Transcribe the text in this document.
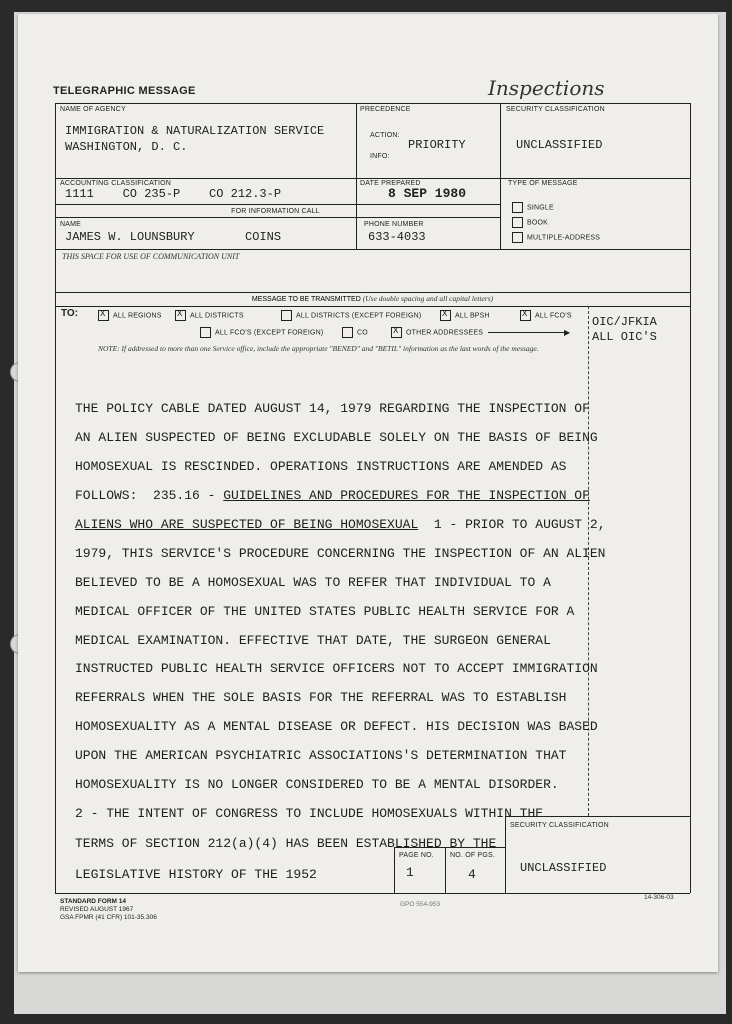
TELEGRAPHIC MESSAGE	Inspections
NAME OF AGENCY
IMMIGRATION & NATURALIZATION SERVICE
WASHINGTON, D. C.
PRECEDENCE
ACTION:
INFO:
PRIORITY
SECURITY CLASSIFICATION
UNCLASSIFIED
ACCOUNTING CLASSIFICATION
1111    CO 235-P    CO 212.3-P
DATE PREPARED
8 SEP 1980
FOR INFORMATION CALL
TYPE OF MESSAGE
SINGLE
BOOK
MULTIPLE-ADDRESS
NAME
JAMES W. LOUNSBURY       COINS
PHONE NUMBER
633-4033
THIS SPACE FOR USE OF COMMUNICATION UNIT
MESSAGE TO BE TRANSMITTED (Use double spacing and all capital letters)
TO: X	ALL REGIONS X	ALL DISTRICTS	ALL DISTRICTS (EXCEPT FOREIGN) X	ALL BPSH X	ALL FCO'S
ALL FCO'S (EXCEPT FOREIGN)	CO X	OTHER ADDRESSEES	▶
NOTE: If addressed to more than one Service office, include the appropriate "BENED" and "BETIL" information as the last words of the message.
OIC/JFKIA
ALL OIC'S
THE POLICY CABLE DATED AUGUST 14, 1979 REGARDING THE INSPECTION OF
AN ALIEN SUSPECTED OF BEING EXCLUDABLE SOLELY ON THE BASIS OF BEING
HOMOSEXUAL IS RESCINDED. OPERATIONS INSTRUCTIONS ARE AMENDED AS
FOLLOWS:  235.16 - GUIDELINES AND PROCEDURES FOR THE INSPECTION OF
ALIENS WHO ARE SUSPECTED OF BEING HOMOSEXUAL  1 - PRIOR TO AUGUST 2,
1979, THIS SERVICE'S PROCEDURE CONCERNING THE INSPECTION OF AN ALIEN
BELIEVED TO BE A HOMOSEXUAL WAS TO REFER THAT INDIVIDUAL TO A
MEDICAL OFFICER OF THE UNITED STATES PUBLIC HEALTH SERVICE FOR A
MEDICAL EXAMINATION. EFFECTIVE THAT DATE, THE SURGEON GENERAL
INSTRUCTED PUBLIC HEALTH SERVICE OFFICERS NOT TO ACCEPT IMMIGRATION
REFERRALS WHEN THE SOLE BASIS FOR THE REFERRAL WAS TO ESTABLISH
HOMOSEXUALITY AS A MENTAL DISEASE OR DEFECT. HIS DECISION WAS BASED
UPON THE AMERICAN PSYCHIATRIC ASSOCIATIONS'S DETERMINATION THAT
HOMOSEXUALITY IS NO LONGER CONSIDERED TO BE A MENTAL DISORDER.
2 - THE INTENT OF CONGRESS TO INCLUDE HOMOSEXUALS WITHIN THE
TERMS OF SECTION 212(a)(4) HAS BEEN ESTABLISHED BY THE
LEGISLATIVE HISTORY OF THE 1952
SECURITY CLASSIFICATION
UNCLASSIFIED
PAGE NO.
1
NO. OF PGS.
4
STANDARD FORM 14
REVISED AUGUST 1967
GSA FPMR (41 CFR) 101-35.306
GPO 554-953
14-306-03
